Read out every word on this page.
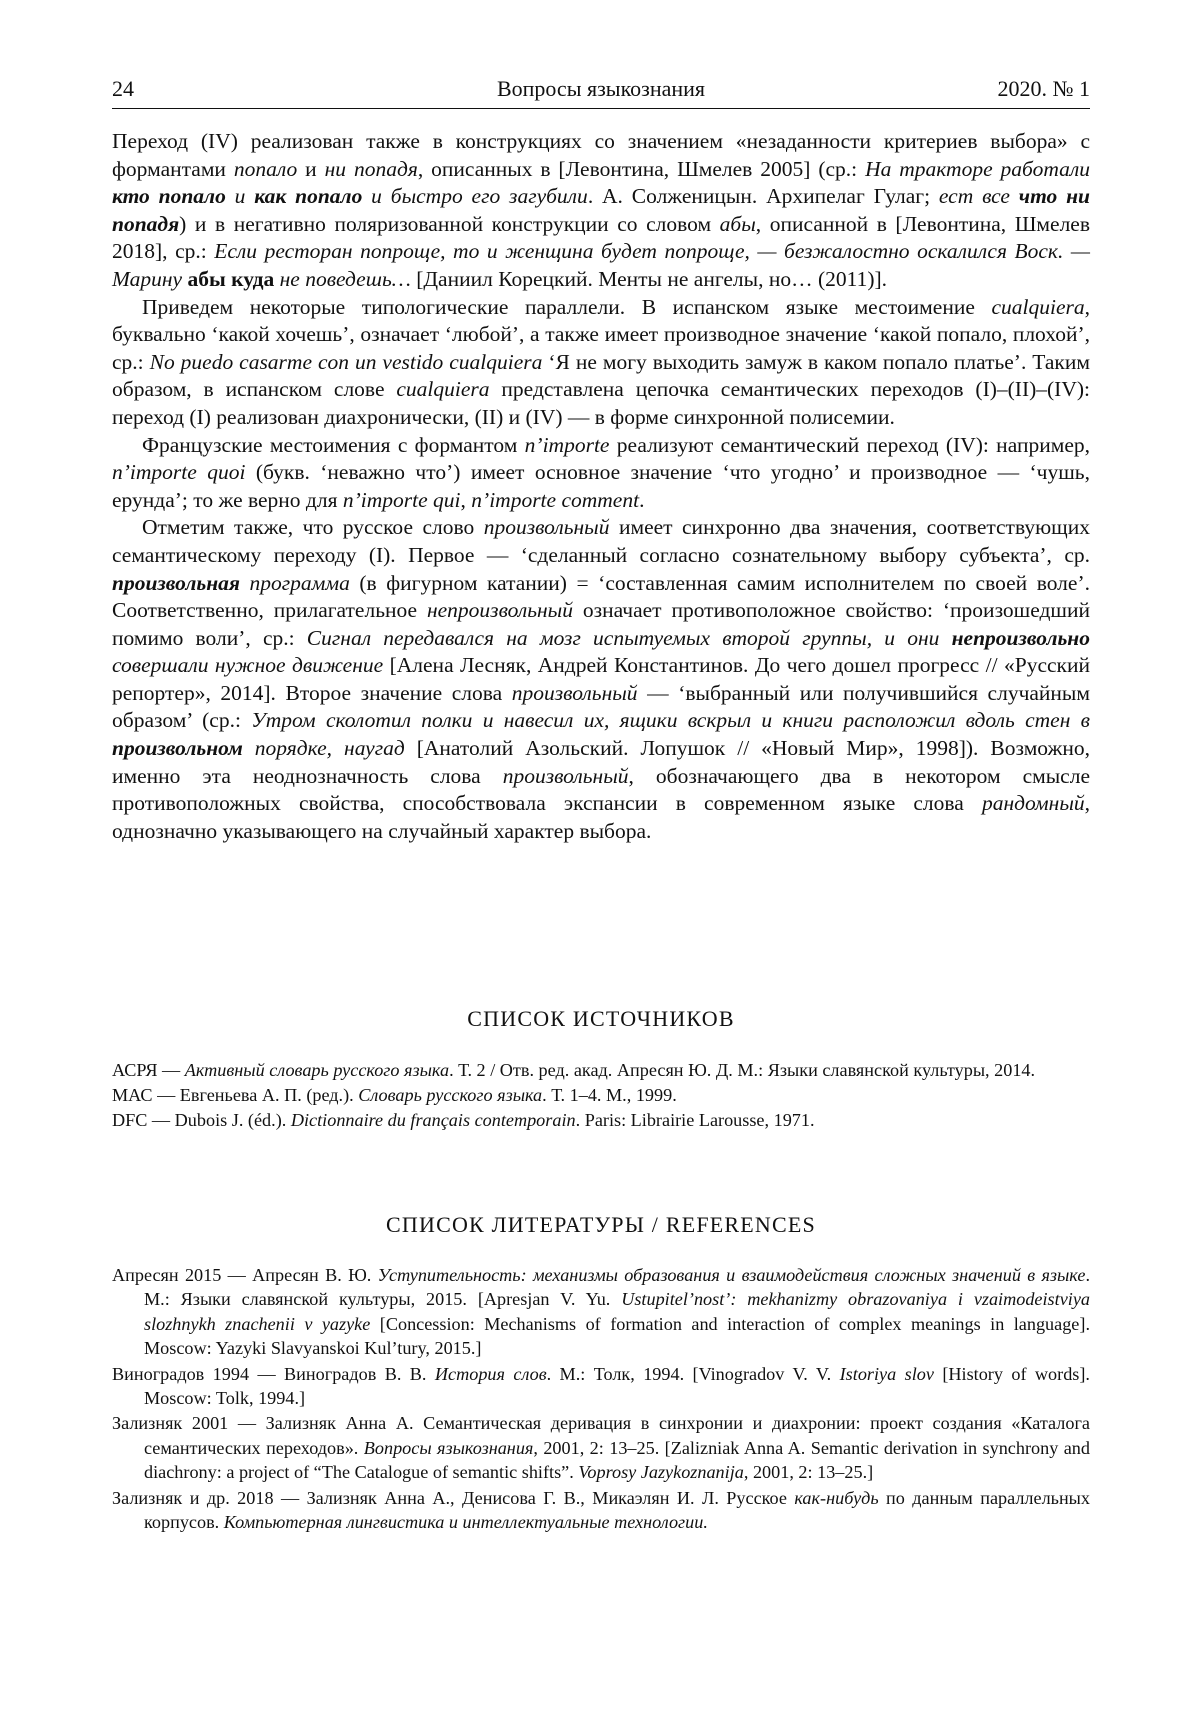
24	Вопросы языкознания	2020. № 1

Переход (IV) реализован также в конструкциях со значением «незаданности критериев выбора» с формантами попало и ни попадя, описанных в [Левонтина, Шмелев 2005] (ср.: На тракторе работали кто попало и как попало и быстро его загубили. А. Солженицын. Архипелаг Гулаг; ест все что ни попадя) и в негативно поляризованной конструкции со словом абы, описанной в [Левонтина, Шмелев 2018], ср.: Если ресторан попроще, то и женщина будет попроще, — безжалостно оскалился Воск. — Марину абы куда не поведешь… [Даниил Корецкий. Менты не ангелы, но… (2011)].

Приведем некоторые типологические параллели. В испанском языке местоимение cualquiera, буквально ‘какой хочешь’, означает ‘любой’, а также имеет производное значение ‘какой попало, плохой’, ср.: No puedo casarme con un vestido cualquiera ‘Я не могу выходить замуж в каком попало платье’. Таким образом, в испанском слове cualquiera представлена цепочка семантических переходов (I)–(II)–(IV): переход (I) реализован диахронически, (II) и (IV) — в форме синхронной полисемии.

Французские местоимения с формантом n’importe реализуют семантический переход (IV): например, n’importe quoi (букв. ‘неважно что’) имеет основное значение ‘что угодно’ и производное — ‘чушь, ерунда’; то же верно для n’importe qui, n’importe comment.

Отметим также, что русское слово произвольный имеет синхронно два значения, соответствующих семантическому переходу (I). Первое — ‘сделанный согласно сознательному выбору субъекта’, ср. произвольная программа (в фигурном катании) = ‘составленная самим исполнителем по своей воле’. Соответственно, прилагательное непроизвольный означает противоположное свойство: ‘произошедший помимо воли’, ср.: Сигнал передавался на мозг испытуемых второй группы, и они непроизвольно совершали нужное движение [Алена Лесняк, Андрей Константинов. До чего дошел прогресс // «Русский репортер», 2014]. Второе значение слова произвольный — ‘выбранный или получившийся случайным образом’ (ср.: Утром сколотил полки и навесил их, ящики вскрыл и книги расположил вдоль стен в произвольном порядке, наугад [Анатолий Азольский. Лопушок // «Новый Мир», 1998]). Возможно, именно эта неоднозначность слова произвольный, обозначающего два в некотором смысле противоположных свойства, способствовала экспансии в современном языке слова рандомный, однозначно указывающего на случайный характер выбора.

СПИСОК ИСТОЧНИКОВ
АСРЯ — Активный словарь русского языка. Т. 2 / Отв. ред. акад. Апресян Ю. Д. М.: Языки славянской культуры, 2014.
МАС — Евгеньева А. П. (ред.). Словарь русского языка. Т. 1–4. М., 1999.
DFC — Dubois J. (éd.). Dictionnaire du français contemporain. Paris: Librairie Larousse, 1971.
СПИСОК ЛИТЕРАТУРЫ / REFERENCES
Апресян 2015 — Апресян В. Ю. Уступительность: механизмы образования и взаимодействия сложных значений в языке. М.: Языки славянской культуры, 2015. [Apresjan V. Yu. Ustupitel’nost’: mekhanizmy obrazovaniya i vzaimodeistviya slozhnykh znachenii v yazyke [Concession: Mechanisms of formation and interaction of complex meanings in language]. Moscow: Yazyki Slavyanskoi Kul’tury, 2015.]
Виноградов 1994 — Виноградов В. В. История слов. М.: Толк, 1994. [Vinogradov V. V. Istoriya slov [History of words]. Moscow: Tolk, 1994.]
Зализняк 2001 — Зализняк Анна А. Семантическая деривация в синхронии и диахронии: проект создания «Каталога семантических переходов». Вопросы языкознания, 2001, 2: 13–25. [Zalizniak Anna A. Semantic derivation in synchrony and diachrony: a project of “The Catalogue of semantic shifts”. Voprosy Jazykoznanija, 2001, 2: 13–25.]
Зализняк и др. 2018 — Зализняк Анна А., Денисова Г. В., Микаэлян И. Л. Русское как-нибудь по данным параллельных корпусов. Компьютерная лингвистика и интеллектуальные технологии.
